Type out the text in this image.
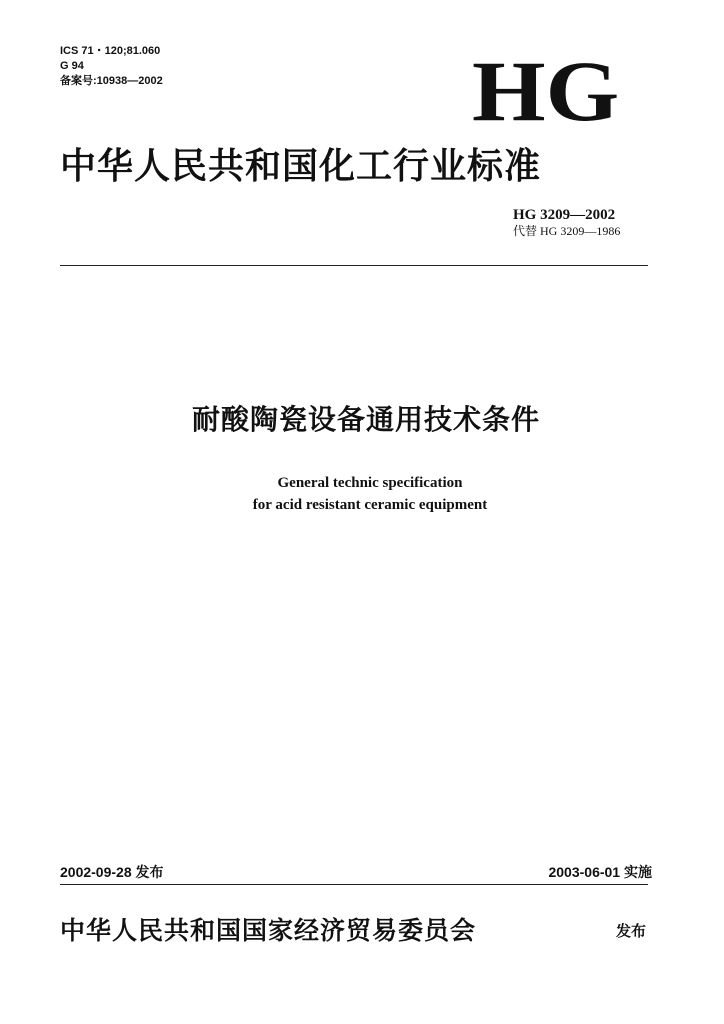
ICS 71・120;81.060
G 94
备案号:10938—2002	HG
中华人民共和国化工行业标准
HG 3209—2002
代替 HG 3209—1986
耐酸陶瓷设备通用技术条件
General technic specification
for acid resistant ceramic equipment
2002-09-28 发布	2003-06-01 实施
中华人民共和国国家经济贸易委员会	发布
